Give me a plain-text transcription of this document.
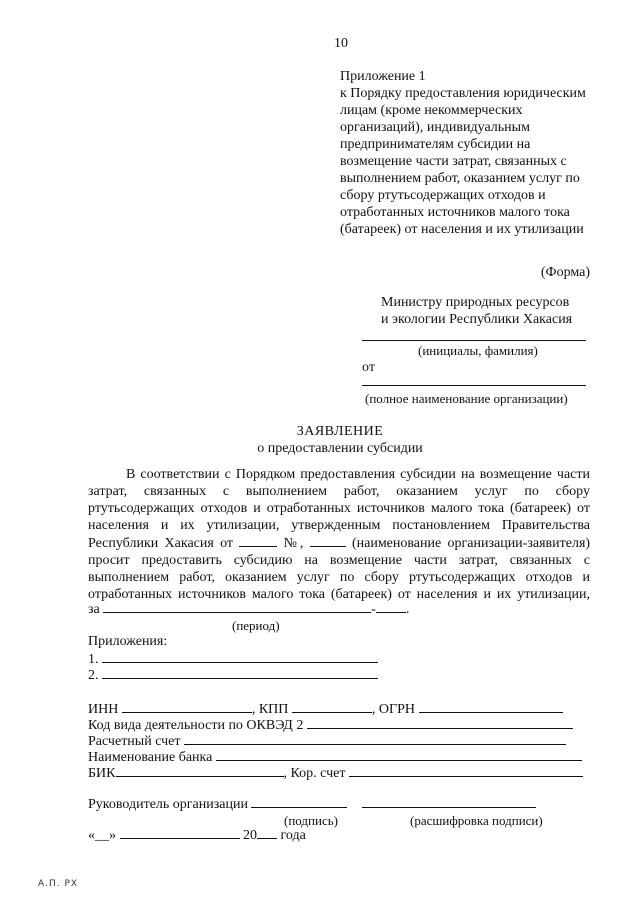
10
Приложение 1
к Порядку предоставления юридическим
лицам (кроме некоммерческих
организаций), индивидуальным
предпринимателям субсидии на
возмещение части затрат, связанных с
выполнением работ, оказанием услуг по
сбору ртутьсодержащих отходов и
отработанных источников малого тока
(батареек) от населения и их утилизации
(Форма)
Министру природных ресурсов
и экологии Республики Хакасия
(инициалы, фамилия)
от
(полное наименование организации)
ЗАЯВЛЕНИЕ
о предоставлении субсидии
В соответствии с Порядком предоставления субсидии на возмещение части
затрат, связанных с выполнением работ, оказанием услуг по сбору
ртутьсодержащих отходов и отработанных источников малого тока (батареек) от
населения и их утилизации, утвержденным постановлением Правительства
Республики Хакасия от	№,	(наименование организации-заявителя)
просит предоставить субсидию на возмещение части затрат, связанных с
выполнением работ, оказанием услуг по сбору ртутьсодержащих отходов и
отработанных источников малого тока (батареек) от населения и их утилизации,
за	- .
(период)
Приложения:
1.
2.
ИНН	, КПП	, ОГРН
Код вида деятельности по ОКВЭД 2
Расчетный счет
Наименование банка
БИК	, Кор. счет
Руководитель организации
(подпись)	(расшифровка подписи)
«__»	20 года
А.П. РХ
